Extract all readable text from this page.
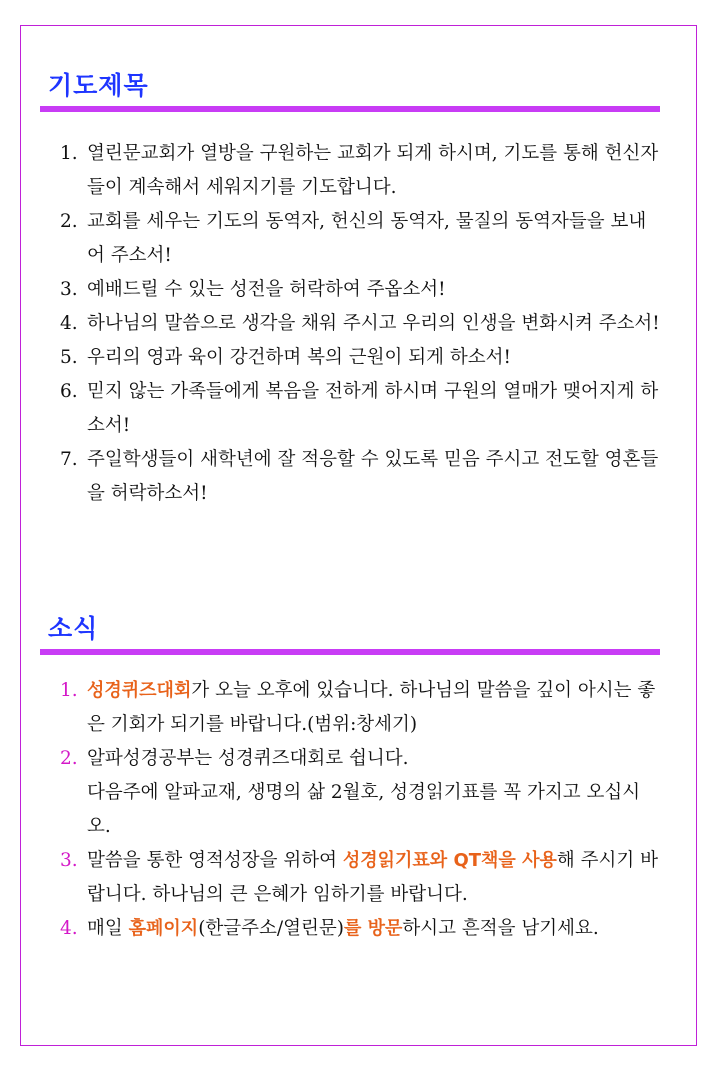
기도제목
1. 열린문교회가 열방을 구원하는 교회가 되게 하시며, 기도를 통해 헌신자들이 계속해서 세워지기를 기도합니다.
2. 교회를 세우는 기도의 동역자, 헌신의 동역자, 물질의 동역자들을 보내어 주소서!
3. 예배드릴 수 있는 성전을 허락하여 주옵소서!
4. 하나님의 말씀으로 생각을 채워 주시고 우리의 인생을 변화시켜 주소서!
5. 우리의 영과 육이 강건하며 복의 근원이 되게 하소서!
6. 믿지 않는 가족들에게 복음을 전하게 하시며 구원의 열매가 맺어지게 하소서!
7. 주일학생들이 새학년에 잘 적응할 수 있도록 믿음 주시고 전도할 영혼들을 허락하소서!
소식
1. 성경퀴즈대회가 오늘 오후에 있습니다. 하나님의 말씀을 깊이 아시는 좋은 기회가 되기를 바랍니다.(범위:창세기)
2. 알파성경공부는 성경퀴즈대회로 쉽니다.
다음주에 알파교재, 생명의 삶 2월호, 성경읽기표를 꼭 가지고 오십시오.
3. 말씀을 통한 영적성장을 위하여 성경읽기표와 QT책을 사용해 주시기 바랍니다. 하나님의 큰 은혜가 임하기를 바랍니다.
4. 매일 홈페이지(한글주소/열린문)를 방문하시고 흔적을 남기세요.
